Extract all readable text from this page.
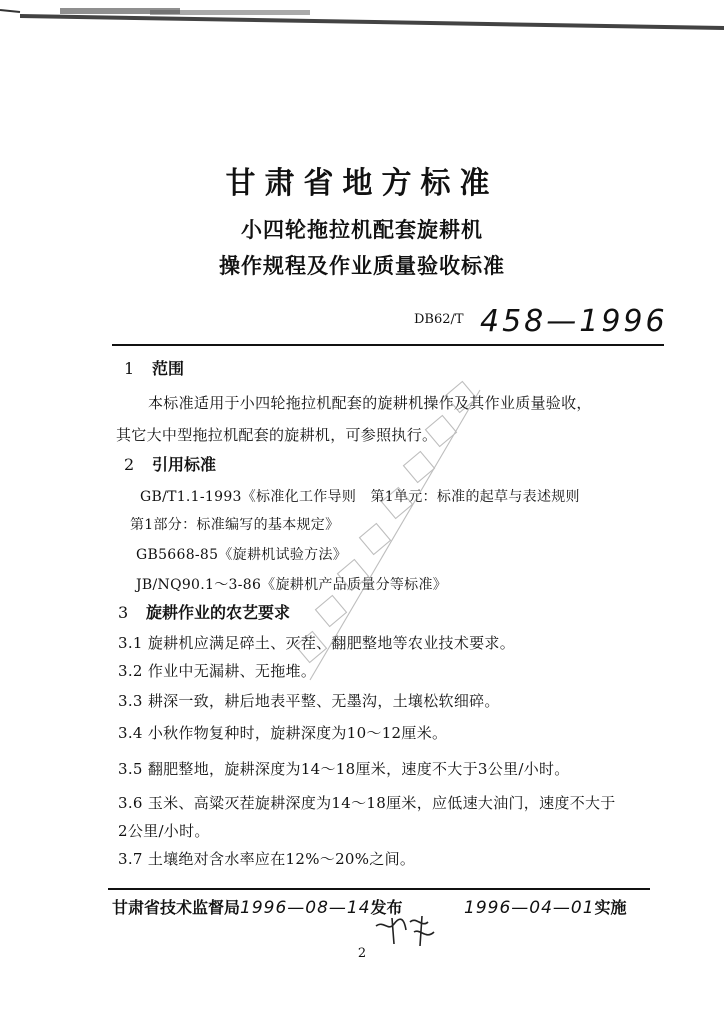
甘肃省地方标准
小四轮拖拉机配套旋耕机
操作规程及作业质量验收标准
DB62/T 458—1996
1 范围
本标准适用于小四轮拖拉机配套的旋耕机操作及其作业质量验收，
其它大中型拖拉机配套的旋耕机，可参照执行。
2 引用标准
GB/T1.1-1993《标准化工作导则　第1单元：标准的起草与表述规则
第1部分：标准编写的基本规定》
GB5668-85《旋耕机试验方法》
JB/NQ90.1～3-86《旋耕机产品质量分等标准》
3 旋耕作业的农艺要求
3.1 旋耕机应满足碎土、灭茬、翻肥整地等农业技术要求。
3.2 作业中无漏耕、无拖堆。
3.3 耕深一致，耕后地表平整、无墨沟，土壤松软细碎。
3.4 小秋作物复种时，旋耕深度为10～12厘米。
3.5 翻肥整地，旋耕深度为14～18厘米，速度不大于3公里/小时。
3.6 玉米、高粱灭茬旋耕深度为14～18厘米，应低速大油门，速度不大于
2公里/小时。
3.7 土壤绝对含水率应在12%～20%之间。
甘肃省技术监督局1996—08—14发布	1996—04—01实施
2
